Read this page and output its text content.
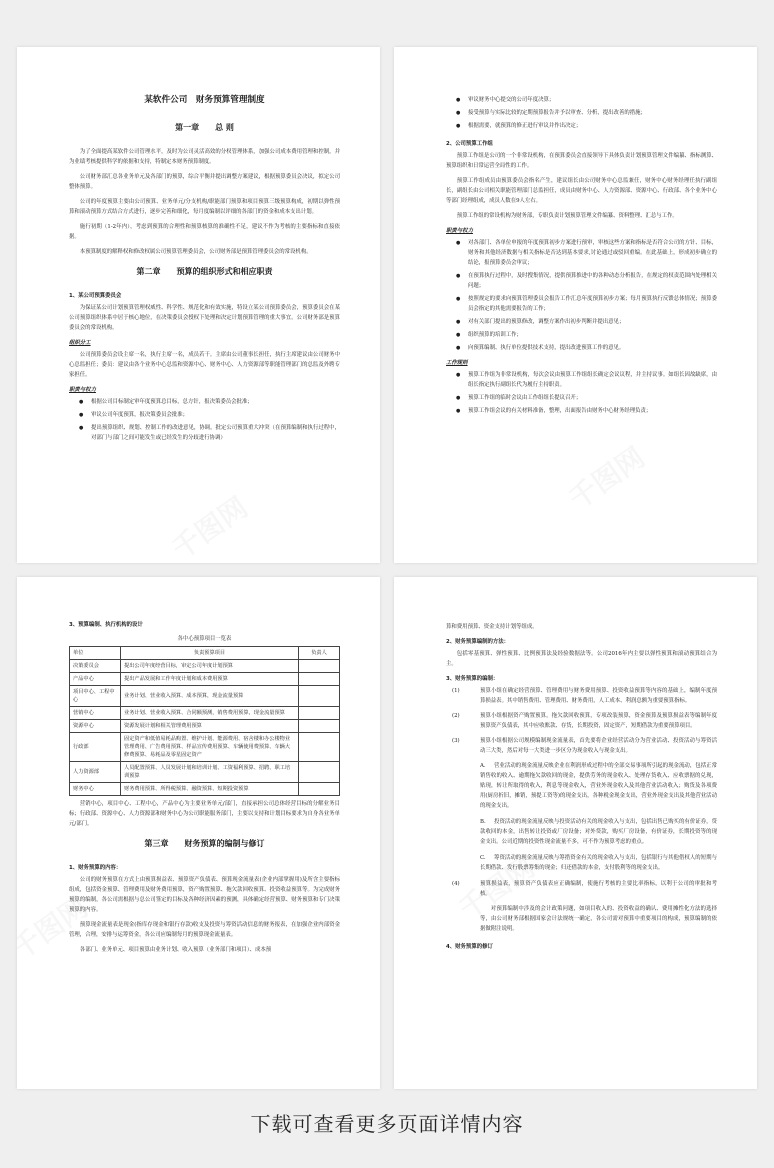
某软件公司　财务预算管理制度
第一章　　总 则

为了全面提高某软件公司管理水平，及时为公司灵活高效的分权管理体系，加强公司成本费用管理和控制，并为业绩考核提供科学的依据和支持，特制定本财务预算制度。

公司财务部汇总各业务单元及各部门的预算，综合平衡并提出调整方案建议，根据预算委员会决议，拟定公司整体预算。

公司的年度预算主要由公司预算、业务单元/分支机构/职能部门预算和项目预算三级预算构成，初期以弹性预算和滚动预算方式结合方式进行，逐步完善和细化，每月度编制以评细的各部门的资金和成本支出计划。

施行初期（1-2年内），考虑到预算的合理性和预算核算的准确性不足，建议不作为考核的主要指标和直接依据。

本预算制度的解释权和修改权属公司预算管理委员会，公司财务部是预算管理委员会的常设机构。

第二章　　预算的组织形式和相应职责
1、某公司预算委员会

为保证某公司计划预算管理权威性、科学性、规范化和有效实施，特设立某公司预算委员会，预算委员会在某公司预算组织体系中居于核心地位，在决策委员会授权下处理和决定计划预算管理的重大事宜。公司财务部是预算委员会的常设机构。

组织分工

公司预算委员会设主席一名，执行主席一名，成员若干。主席由公司董事长担任，执行主席建议由公司财务中心总监担任；委员：建议由各个业务中心总监和资源中心、财务中心、人力资源部等职能管理部门的总监及外聘专家担任。

职责与权力
● 根据公司目标制定审年度预算总目标，总方针，报决策委员会批准；
● 审议公司年度预算，报决策委员会批准；
● 提出预算组织、规划、控制工作的改进意见，协调，批定公司预算重大冲突（在预算编制和执行过程中，对部门与部门之间可能发生或已经发生的分歧进行协调）
● 审议财务中心提交的公司年度决算；
● 接受预算与实际比较的定期预算报告并予以审查、分析，提出改善的措施；
● 根据需要，就预算的修正进行审议并作出决定；
2、公司预算工作组

预算工作组是公司的一个非常设机构，在预算委员会直接领导下具体负责计划预算管理文件编纂、指标测算、预算组织和日常运营全局性的工作。

预算工作组成员由预算委员会指名产生，建议组长由公司财务中心总监兼任，财务中心财务经理任执行副组长，副组长由公司相关职能管理部门总监担任，成员由财务中心、人力资源部、资源中心、行政部、各个业务中心等部门经理组成，成员人数在9人左右。

预算工作组的常设机构为财务部，专职负责计划预算管理文件编纂、资料整理、汇总与工作。

职责与权力
● 对各部门、各单位申报的年度预算初步方案进行预审，审核这些方案和指标是否符合公司的方针、目标，财务和其他经济数据与相关指标是否达到基本要求,讨论通过或驳回重编。在此基础上，形成初步确立的结论，报预算委员会审议；
● 在预算执行过程中，及时搜集情况，提供预算推进中的各种动态分析报告，在规定的权责范围内处理相关问题；
● 按照规定的要求向预算管理委员会报告工作汇总年度预算初步方案；每月预算执行反馈总体情况；预算委员会指定的其他需要报告的工作；
● 对有关部门提出的预算修改，调整方案作出初步判断并提出意见；
● 组织预算的培训工作；
● 向预算编制、执行单位提供技术支持，提出改进预算工作的意见。
工作规则
● 预算工作组为非常设机构，每次会议由预算工作组组长确定会议议程，并主持议事。如组长因故缺席，由组长指定执行副组长代为履行主持职责。
● 预算工作组的临时会议由工作组组长提议召开；
● 预算工作组会议的有关材料准备，整理，出面报告由财务中心财务经理负责；
3、预算编制、执行机构的设计
各中心预算项目一览表
单位	负责预算项目	负责人
决策委员会	提出公司年度经营目标，审定公司年度计划预算	
产品中心	提出产品发展和工作年度计划和成本费用预算	
项目中心、工程中心	业务计划、营业收入预算、成本预算，现金流量预算	
营销中心	业务计划、营业收入预算、合同额预测，销售费用预算，现金流量预算	
资源中心	资源发展计划和相关管理费用预算	
行政部	固定资产和低值易耗品购置、维护计划、能源费用、宿舍楼和办公楼物业管理费用、广告费用预算、样品宣传费用预算、车辆使用费预算、车辆大修费预算、易耗品及零星固定资产	
人力资源部	人员配置预算、人员发展计划和培训计划、工资福利预算、招聘、职工培训预算	
财务中心	财务费用预算、所得税预算、融资预算、短期投资预算	

营销中心，项目中心、工程中心，产品中心为主要业务单元/部门，直接承担公司总体经营目标的分解业务目标；行政部、资源中心、人力资源部和财务中心为公司职能服务部门，主要以支持和计划目标要求为自身各业务单元/部门。

第三章　　财务预算的编制与修订
1、财务预算的内容：

公司的财务预算在方式上由预算损益表、预算资产负债表、预算现金流量表(企业内部掌握用)及所含主要指标组成，包括资金预算、管理费用及财务费用预算，资产购置预算、拖欠款回收预算、投资收益预算等。为完成财务预算的编制，各公司需根据与总公司签定的目标及各种经济因素的预测，具体确定经营预算、财务预算和专门决策预算的内容。

预算现金流量表是现金(指库存现金和银行存款)收支及投资与筹资活动信息的财务报表，在加强企业内部资金管理，合理，安排与运筹资金，各公司应编制每月的预算现金流量表。

各部门、业务单元、项目预算由业务计划、收入预算（业务部门和项目）、成本预

算和费用预算、资金支持计划等组成。

2、财务预算编制的方法：

包括零基预算、弹性预算、比例预算法及经验数据法等。公司2016年内主要以弹性预算和滚动预算结合为主。

3、财务预算的编制：
(1)	预算小组在确定经营预算、管理费用与财务费用预算、投资收益预算等内容的基础上，编制年度预算损益表。其中销售费用、管理费用、财务费用，人工成本、利润总额为重要预算指标。
(2)	预算小组根据资产购置预算，拖欠款回收预算，专项改装预算，资金预算及预算损益表等编制年度预算资产负债表，其中应收账款、存货，长期投资，固定资产，短期借款为重要预算项目。
(3)	预算小组根据公司规模编制现金流量表，首先要将企业经营活动分为营业活动、投资活动与筹资活动三大类，然后对每一大类进一步区分为现金收入与现金支出。
A. 营业活动的现金流量反映企业在利润形成过程中的全部交易事项所引起的现金流动，包括正常销售收的收入、逾期拖欠款收回的现金，提供劳务的现金收入、处理存货收入、应收票据的兑现，贴现，转让所取得的收入，利息等现金收入，营业外现金收入及其他营业活动收入；购货及各项费用(厨房折旧，摊销，预提工资等)的现金支出，各种税金现金支出，营业外现金支出及其他营业活动的现金支出。
B. 投资活动的现金流量反映与投资活动有关的现金收入与支出，包括出售已购买的有价证券，贷款收回的本金，出售转让投资或厂房设备；对外贷款，购买厂房设备，有价证券，长期投资等的现金支出。公司近期的投资性现金流量不多，可不作为预算考虑的重点。
C. 筹资活动的现金流量反映与筹措资金有关的现金收入与支出，包括银行与其他借权人的短期与长期借款、发行股票筹集的现金；归还借款的本金，支付股利等的现金支出。
(4)	预算损益表，预算资产负债表应正确编制，使施行考核的主要比率指标，以利于公司的审批和考核。

对预算编制中涉及的会计政策问题，如项目收入的、投资收益的确认、费用摊性化方法的选择等，由公司财务部根据国家会计法规统一确定，各公司需对预算中重要项目的构成，预算编制的依据做附注说明。

4、财务预算的修订
下载可查看更多页面详情内容
